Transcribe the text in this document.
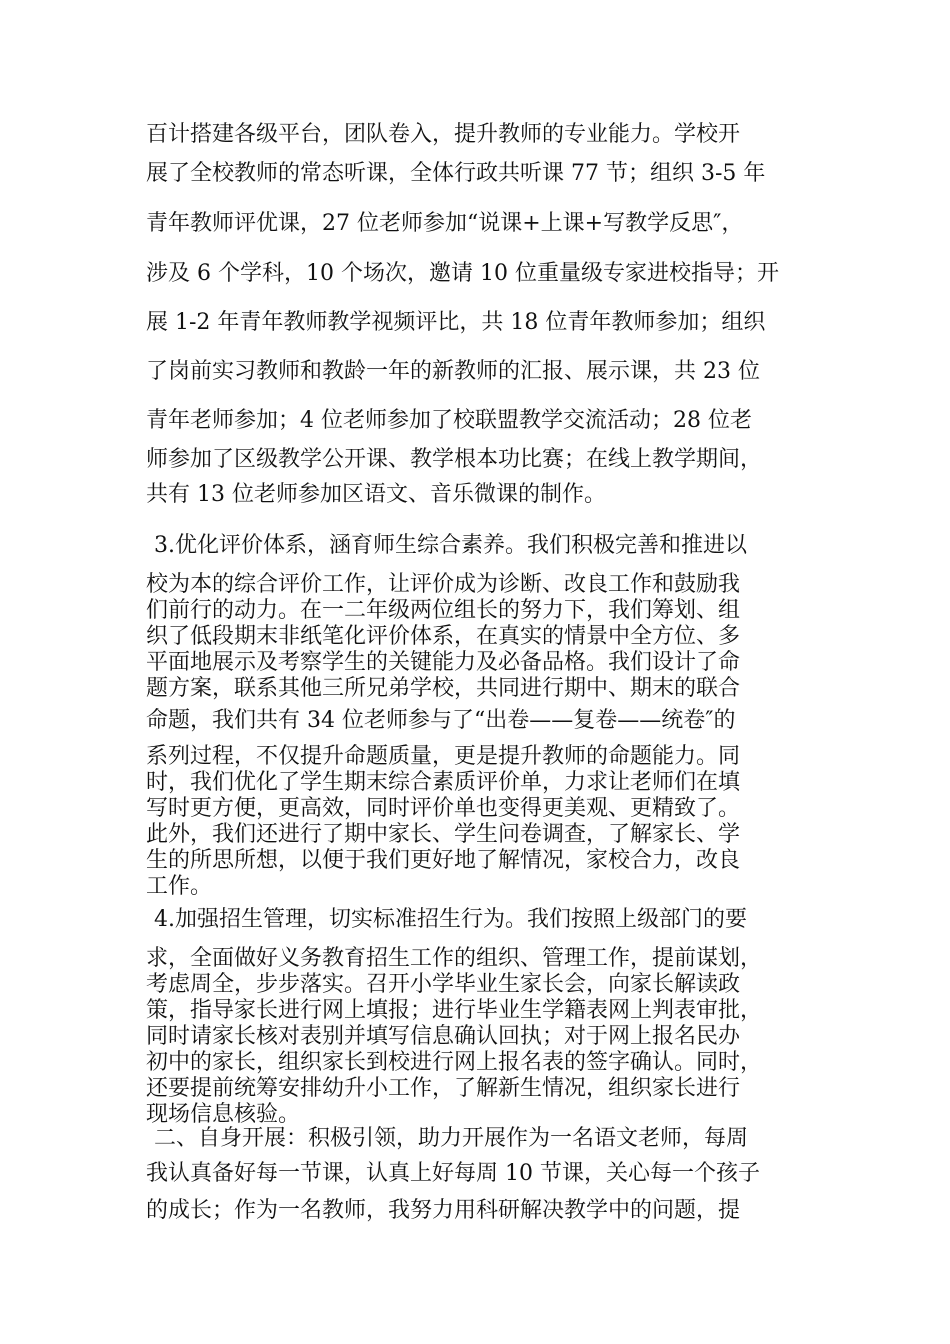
百计搭建各级平台，团队卷入，提升教师的专业能力。学校开
展了全校教师的常态听课，全体行政共听课 77 节；组织 3-5 年
青年教师评优课，27 位老师参加“说课+上课+写教学反思″，
涉及 6 个学科，10 个场次，邀请 10 位重量级专家进校指导；开
展 1-2 年青年教师教学视频评比，共 18 位青年教师参加；组织
了岗前实习教师和教龄一年的新教师的汇报、展示课，共 23 位
青年老师参加；4 位老师参加了校联盟教学交流活动；28 位老
师参加了区级教学公开课、教学根本功比赛；在线上教学期间，
共有 13 位老师参加区语文、音乐微课的制作。
3.优化评价体系，涵育师生综合素养。我们积极完善和推进以
校为本的综合评价工作，让评价成为诊断、改良工作和鼓励我
们前行的动力。在一二年级两位组长的努力下，我们筹划、组
织了低段期末非纸笔化评价体系，在真实的情景中全方位、多
平面地展示及考察学生的关键能力及必备品格。我们设计了命
题方案，联系其他三所兄弟学校，共同进行期中、期末的联合
命题，我们共有 34 位老师参与了“出卷——复卷——统卷″的
系列过程，不仅提升命题质量，更是提升教师的命题能力。同
时，我们优化了学生期末综合素质评价单，力求让老师们在填
写时更方便，更高效，同时评价单也变得更美观、更精致了。
此外，我们还进行了期中家长、学生问卷调查，了解家长、学
生的所思所想，以便于我们更好地了解情况，家校合力，改良
工作。
4.加强招生管理，切实标准招生行为。我们按照上级部门的要
求，全面做好义务教育招生工作的组织、管理工作，提前谋划，
考虑周全，步步落实。召开小学毕业生家长会，向家长解读政
策，指导家长进行网上填报；进行毕业生学籍表网上判表审批，
同时请家长核对表别并填写信息确认回执；对于网上报名民办
初中的家长，组织家长到校进行网上报名表的签字确认。同时，
还要提前统筹安排幼升小工作，了解新生情况，组织家长进行
现场信息核验。
二、自身开展：积极引领，助力开展作为一名语文老师，每周
我认真备好每一节课，认真上好每周 10 节课，关心每一个孩子
的成长；作为一名教师，我努力用科研解决教学中的问题，提
